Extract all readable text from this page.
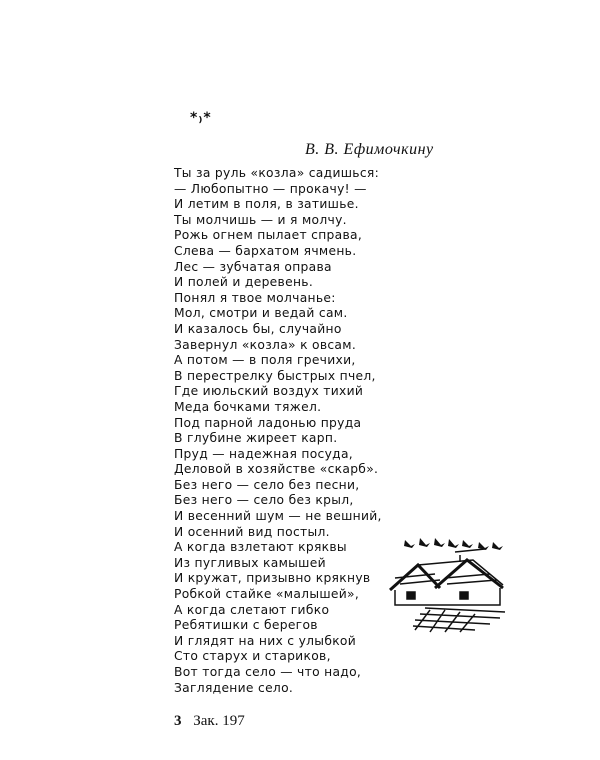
*₎*
В. В. Ефимочкину
Ты за руль «козла» садишься:
— Любопытно — прокачу! —
И летим в поля, в затишье.
Ты молчишь — и я молчу.
Рожь огнем пылает справа,
Слева — бархатом ячмень.
Лес — зубчатая оправа
И полей и деревень.
Понял я твое молчанье:
Мол, смотри и ведай сам.
И казалось бы, случайно
Завернул «козла» к овсам.
А потом — в поля гречихи,
В перестрелку быстрых пчел,
Где июльский воздух тихий
Меда бочками тяжел.
Под парной ладонью пруда
В глубине жиреет карп.
Пруд — надежная посуда,
Деловой в хозяйстве «скарб».
Без него — село без песни,
Без него — село без крыл,
И весенний шум — не вешний,
И осенний вид постыл.
А когда взлетают кряквы
Из пугливых камышей
И кружат, призывно крякнув
Робкой стайке «малышей»,
А когда слетают гибко
Ребятишки с берегов
И глядят на них с улыбкой
Сто старух и стариков,
Вот тогда село — что надо,
Заглядение село.
3 Зак. 197
